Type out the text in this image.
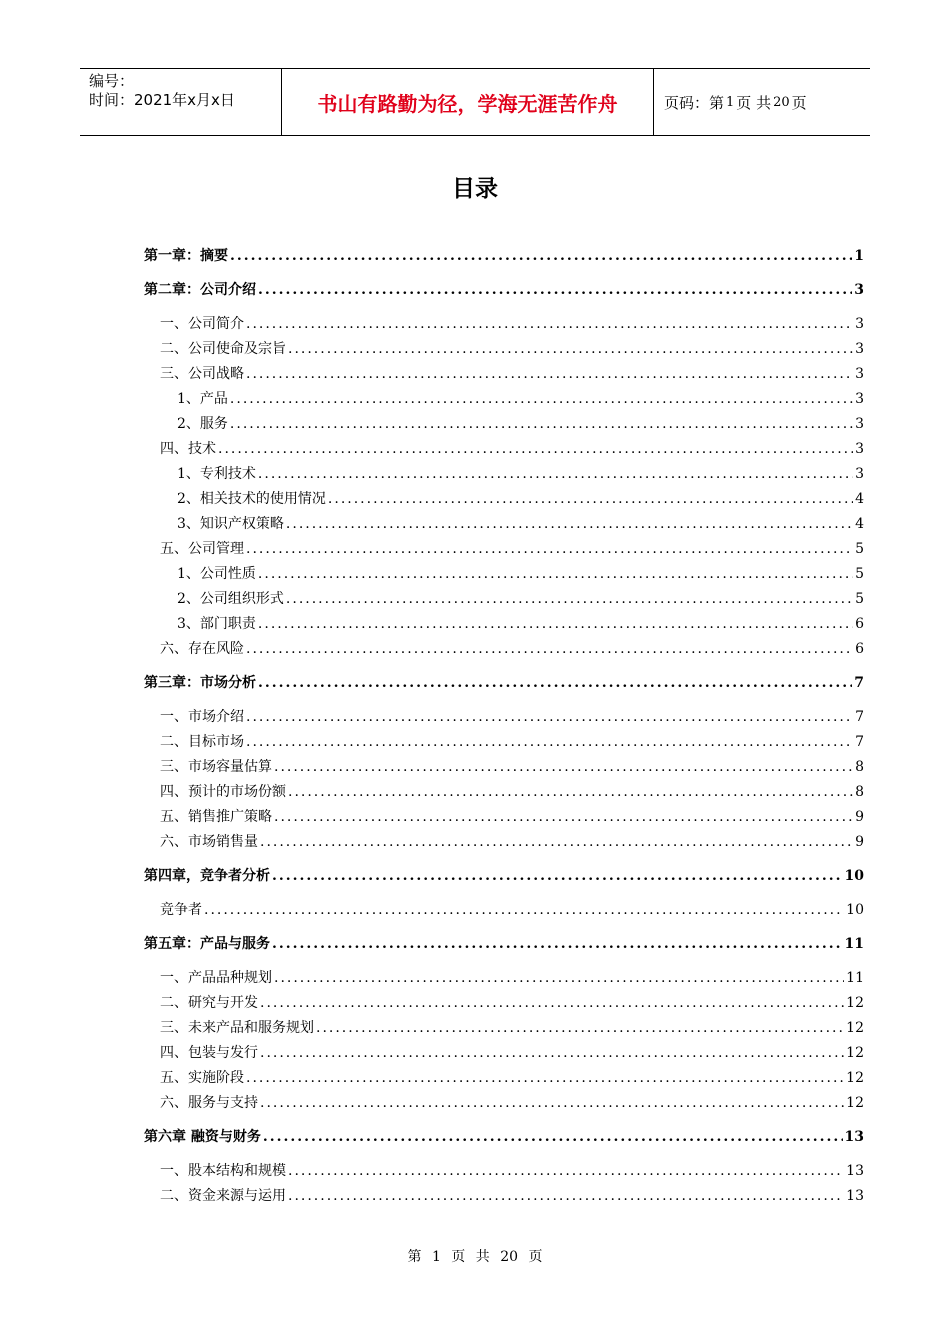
编号：
时间：2021年x月x日	书山有路勤为径，学海无涯苦作舟	页码：第 1 页 共 20 页
目录
第一章：摘要 .....	1
第二章：公司介绍 .....	3
一、公司简介 .....	3
二、公司使命及宗旨 .....	3
三、公司战略 .....	3
1、产品 .....	3
2、服务 .....	3
四、技术 .....	3
1、专利技术 .....	3
2、相关技术的使用情况 .....	4
3、知识产权策略 .....	4
五、公司管理 .....	5
1、公司性质 .....	5
2、公司组织形式 .....	5
3、部门职责 .....	6
六、存在风险 .....	6
第三章：市场分析 .....	7
一、市场介绍 .....	7
二、目标市场 .....	7
三、市场容量估算 .....	8
四、预计的市场份额 .....	8
五、销售推广策略 .....	9
六、市场销售量 .....	9
第四章，竞争者分析 .....	10
竞争者 .....	10
第五章：产品与服务 .....	11
一、产品品种规划 .....	11
二、研究与开发 .....	12
三、未来产品和服务规划 .....	12
四、包装与发行 .....	12
五、实施阶段 .....	12
六、服务与支持 .....	12
第六章 融资与财务 .....	13
一、股本结构和规模 .....	13
二、资金来源与运用 .....	13
第 1 页 共 20 页
